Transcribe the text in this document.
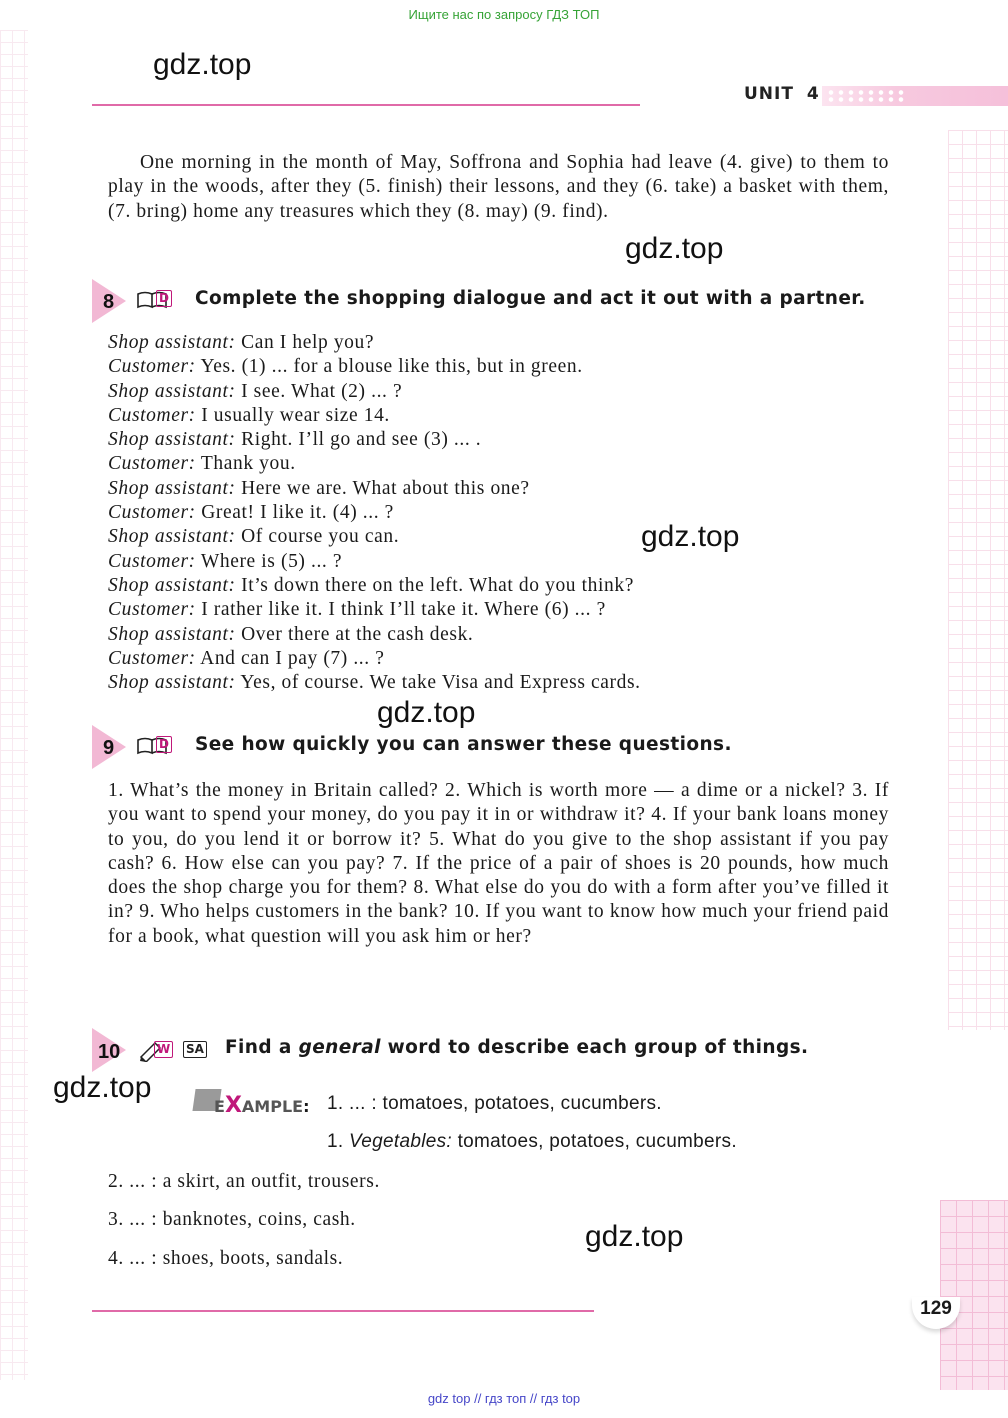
Ищите нас по запросу ГДЗ ТОП
gdz.top
UNIT 4

One morning in the month of May, Soffrona and Sophia had leave (4. give) to them to play in the woods, after they (5. finish) their lessons, and they (6. take) a basket with them, (7. bring) home any treasures which they (8. may) (9. find).

gdz.top
8	D Complete the shopping dialogue and act it out with a partner.
Shop assistant: Can I help you?
Customer: Yes. (1) ... for a blouse like this, but in green.
Shop assistant: I see. What (2) ... ?
Customer: I usually wear size 14.
Shop assistant: Right. I’ll go and see (3) ... .
Customer: Thank you.
Shop assistant: Here we are. What about this one?
Customer: Great! I like it. (4) ... ?
Shop assistant: Of course you can.
Customer: Where is (5) ... ?
Shop assistant: It’s down there on the left. What do you think?
Customer: I rather like it. I think I’ll take it. Where (6) ... ?
Shop assistant: Over there at the cash desk.
Customer: And can I pay (7) ... ?
Shop assistant: Yes, of course. We take Visa and Express cards.
gdz.top
gdz.top
9	D See how quickly you can answer these questions.

1. What’s the money in Britain called? 2. Which is worth more — a dime or a nickel? 3. If you want to spend your money, do you pay it in or withdraw it? 4. If your bank loans money to you, do you lend it or borrow it? 5. What do you give to the shop assistant if you pay cash? 6. How else can you pay? 7. If the price of a pair of shoes is 20 pounds, how much does the shop charge you for them? 8. What else do you do with a form after you’ve filled it in? 9. Who helps customers in the bank? 10. If you want to know how much your friend paid for a book, what question will you ask him or her?

10	W SA Find a general word to describe each group of things.
gdz.top
EXAMPLE: 1. ... : tomatoes, potatoes, cucumbers.
1. Vegetables: tomatoes, potatoes, cucumbers.
2. ... : a skirt, an outfit, trousers.
3. ... : banknotes, coins, cash.
4. ... : shoes, boots, sandals.
gdz.top
129
gdz top // гдз топ // гдз top
